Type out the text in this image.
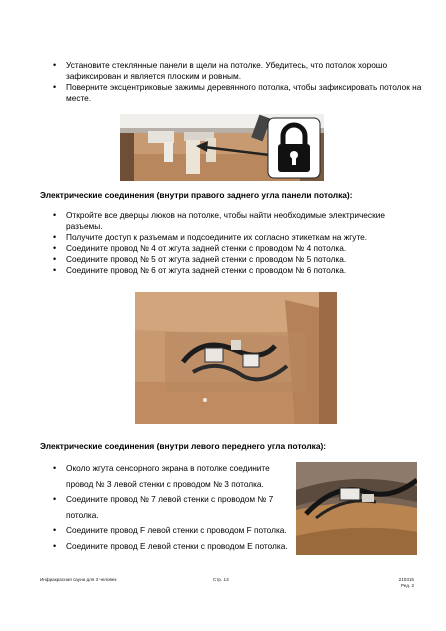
• Установите стеклянные панели в щели на потолке. Убедитесь, что потолок хорошо зафиксирован и является плоским и ровным.
• Поверните эксцентриковые зажимы деревянного потолка, чтобы зафиксировать потолок на месте.
Электрические соединения (внутри правого заднего угла панели потолка):
• Откройте все дверцы люков на потолке, чтобы найти необходимые электрические разъемы.
• Получите доступ к разъемам и подсоедините их согласно этикеткам на жгуте.
• Соедините провод № 4 от жгута задней стенки с проводом № 4 потолка.
• Соедините провод № 5 от жгута задней стенки с проводом № 5 потолка.
• Соедините провод № 6 от жгута задней стенки с проводом № 6 потолка.
Электрические соединения (внутри левого переднего угла потолка):
• Около жгута сенсорного экрана в потолке соедините провод № 3 левой стенки с проводом № 3 потолка.
• Соедините провод № 7 левой стенки с проводом № 7 потолка.
• Соедините провод F левой стенки с проводом F потолка.
• Соедините провод E левой стенки с проводом E потолка.
Инфракрасная сауна для 3 человек	Стр. 13	210315
Ред. 2
